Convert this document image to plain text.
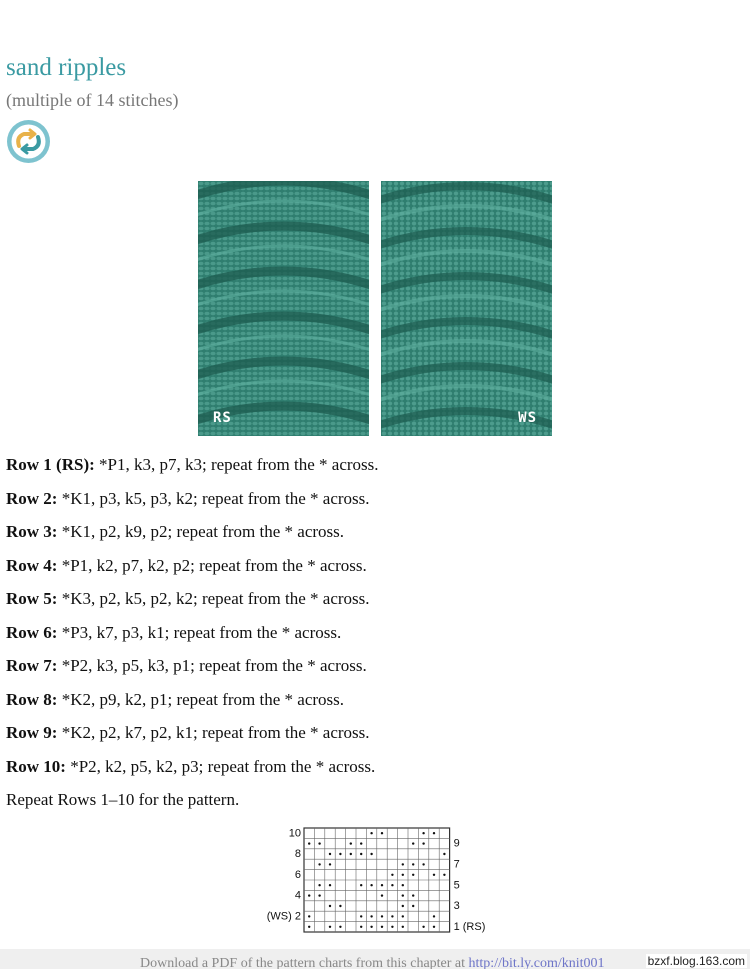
sand ripples
(multiple of 14 stitches)
RS	WS
Row 1 (RS): *P1, k3, p7, k3; repeat from the * across.
Row 2: *K1, p3, k5, p3, k2; repeat from the * across.
Row 3: *K1, p2, k9, p2; repeat from the * across.
Row 4: *P1, k2, p7, k2, p2; repeat from the * across.
Row 5: *K3, p2, k5, p2, k2; repeat from the * across.
Row 6: *P3, k7, p3, k1; repeat from the * across.
Row 7: *P2, k3, p5, k3, p1; repeat from the * across.
Row 8: *K2, p9, k2, p1; repeat from the * across.
Row 9: *K2, p2, k7, p2, k1; repeat from the * across.
Row 10: *P2, k2, p5, k2, p3; repeat from the * across.
Repeat Rows 1–10 for the pattern.
10
8
6
4
(WS) 2
9
7
5
3
1 (RS)
Download a PDF of the pattern charts from this chapter at http://bit.ly.com/knit001	bzxf.blog.163.com
